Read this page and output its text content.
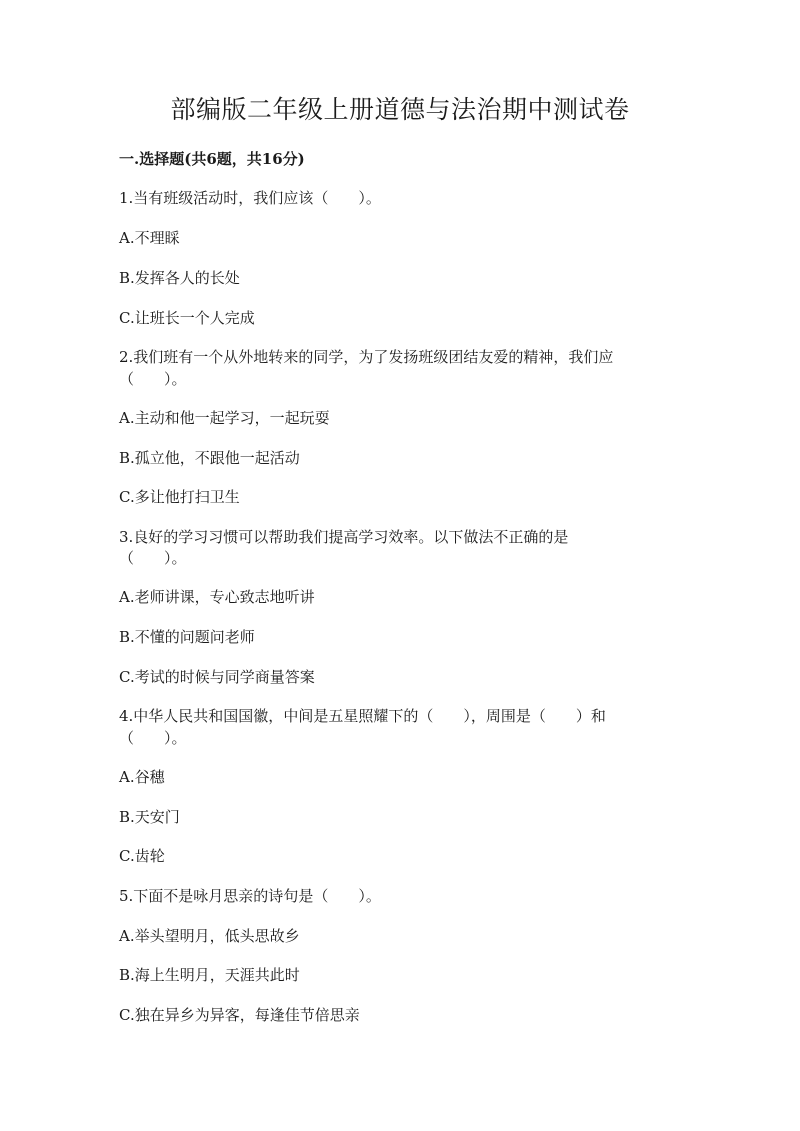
部编版二年级上册道德与法治期中测试卷
一.选择题(共6题，共16分)
1.当有班级活动时，我们应该（　　）。
A.不理睬
B.发挥各人的长处
C.让班长一个人完成
2.我们班有一个从外地转来的同学，为了发扬班级团结友爱的精神，我们应
（　　）。
A.主动和他一起学习，一起玩耍
B.孤立他，不跟他一起活动
C.多让他打扫卫生
3.良好的学习习惯可以帮助我们提高学习效率。以下做法不正确的是
（　　）。
A.老师讲课，专心致志地听讲
B.不懂的问题问老师
C.考试的时候与同学商量答案
4.中华人民共和国国徽，中间是五星照耀下的（　　），周围是（　　）和
（　　）。
A.谷穗
B.天安门
C.齿轮
5.下面不是咏月思亲的诗句是（　　）。
A.举头望明月，低头思故乡
B.海上生明月，天涯共此时
C.独在异乡为异客，每逢佳节倍思亲
